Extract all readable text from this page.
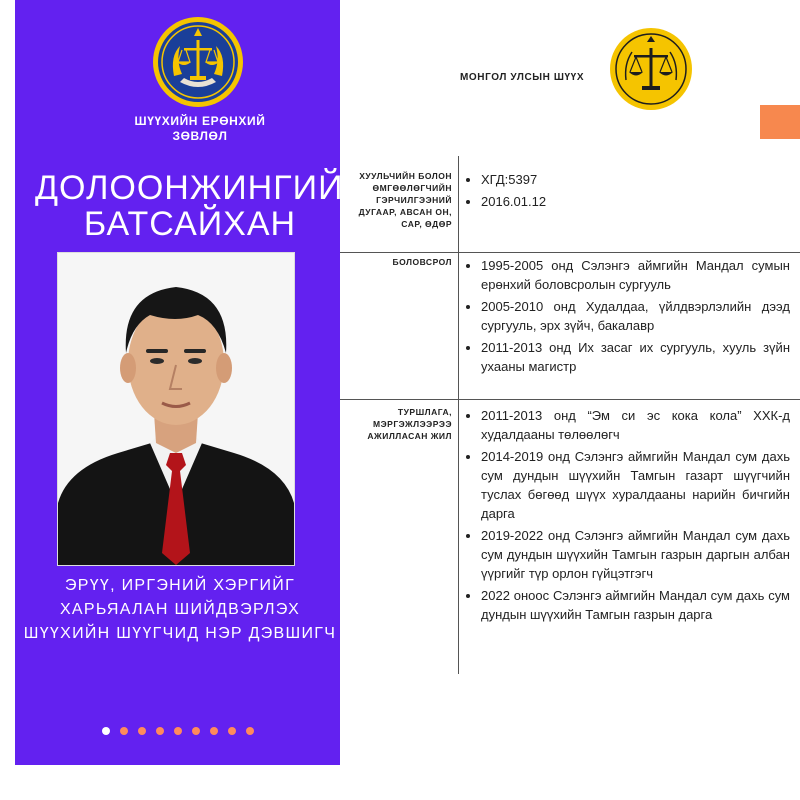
ШҮҮХИЙН ЕРӨНХИЙ ЗӨВЛӨЛ
ДОЛООНЖИНГИЙН
БАТСАЙХАН
ЭРҮҮ, ИРГЭНИЙ ХЭРГИЙГ
ХАРЬЯАЛАН ШИЙДВЭРЛЭХ
ШҮҮХИЙН ШҮҮГЧИД НЭР ДЭВШИГЧ

МОНГОЛ УЛСЫН ШҮҮХ
ХУУЛЬЧИЙН БОЛОН ӨМГӨӨЛӨГЧИЙН ГЭРЧИЛГЭЭНИЙ ДУГААР, АВСАН ОН, САР, ӨДӨР
• ХГД:5397
• 2016.01.12
БОЛОВСРОЛ
• 1995-2005 онд Сэлэнгэ аймгийн Мандал сумын ерөнхий боловсролын сургууль
• 2005-2010 онд Худалдаа, үйлдвэрлэлийн дээд сургууль, эрх зүйч, бакалавр
• 2011-2013 онд Их засаг их сургууль, хууль зүйн ухааны магистр
ТУРШЛАГА, МЭРГЭЖЛЭЭРЭЭ АЖИЛЛАСАН ЖИЛ
• 2011-2013 онд “Эм си эс кока кола” ХХК-д худалдааны төлөөлөгч
• 2014-2019 онд Сэлэнгэ аймгийн Мандал сум дахь сум дундын шүүхийн Тамгын газарт шүүгчийн туслах бөгөөд шүүх хуралдааны нарийн бичгийн дарга
• 2019-2022 онд Сэлэнгэ аймгийн Мандал сум дахь сум дундын шүүхийн Тамгын газрын даргын албан үүргийг түр орлон гүйцэтгэгч
• 2022 оноос Сэлэнгэ аймгийн Мандал сум дахь сум дундын шүүхийн Тамгын газрын дарга
